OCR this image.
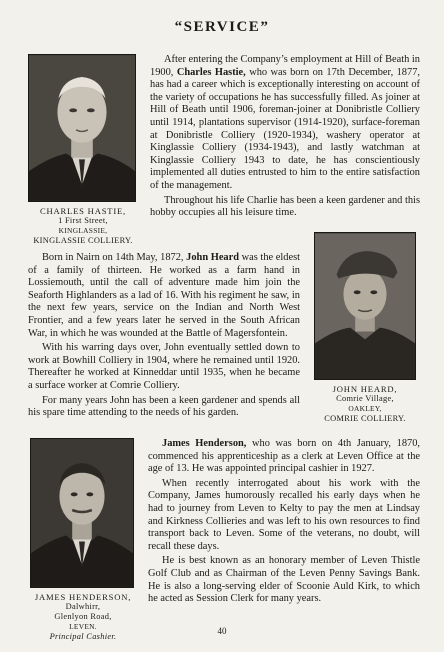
“SERVICE”
CHARLES HASTIE,
1 First Street,
KINGLASSIE,
KINGLASSIE COLLIERY.

After entering the Company’s employment at Hill of Beath in 1900, Charles Hastie, who was born on 17th December, 1877, has had a career which is exceptionally interesting on account of the variety of occupations he has successfully filled. As joiner at Hill of Beath until 1906, foreman-joiner at Donibristle Colliery until 1914, plantations supervisor (1914-1920), surface-foreman at Donibristle Colliery (1920-1934), washery operator at Kinglassie Colliery (1934-1943), and lastly watchman at Kinglassie Colliery 1943 to date, he has conscientiously implemented all duties entrusted to him to the entire satisfaction of the management.

Throughout his life Charlie has been a keen gardener and this hobby occupies all his leisure time.

Born in Nairn on 14th May, 1872, John Heard was the eldest of a family of thirteen. He worked as a farm hand in Lossiemouth, until the call of adventure made him join the Seaforth Highlanders as a lad of 16. With his regiment he saw, in the next few years, service on the Indian and North West Frontier, and a few years later he served in the South African War, in which he was wounded at the Battle of Magersfontein.

With his warring days over, John eventually settled down to work at Bowhill Colliery in 1904, where he remained until 1920. Thereafter he worked at Kinneddar until 1935, when he became a surface worker at Comrie Colliery.

For many years John has been a keen gardener and spends all his spare time attending to the needs of his garden.

JOHN HEARD,
Comrie Village,
OAKLEY,
COMRIE COLLIERY.
JAMES HENDERSON,
Dalwhirr,
Glenlyon Road,
LEVEN.
Principal Cashier.

James Henderson, who was born on 4th January, 1870, commenced his apprenticeship as a clerk at Leven Office at the age of 13. He was appointed principal cashier in 1927.

When recently interrogated about his work with the Company, James humorously recalled his early days when he had to journey from Leven to Kelty to pay the men at Lindsay and Kirkness Collieries and was left to his own resources to find transport back to Leven. Some of the veterans, no doubt, will recall these days.

He is best known as an honorary member of Leven Thistle Golf Club and as Chairman of the Leven Penny Savings Bank. He is also a long-serving elder of Scoonie Auld Kirk, to which he acted as Session Clerk for many years.

40
